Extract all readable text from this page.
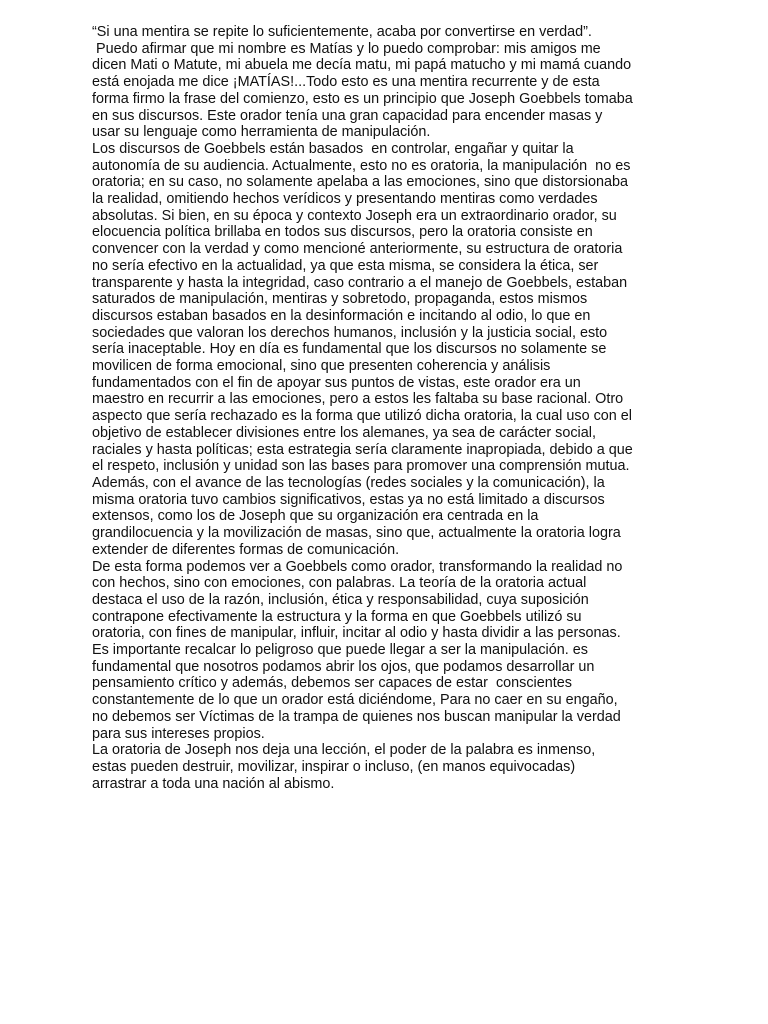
“Si una mentira se repite lo suficientemente, acaba por convertirse en verdad”.
Puedo afirmar que mi nombre es Matías y lo puedo comprobar: mis amigos me
dicen Mati o Matute, mi abuela me decía matu, mi papá matucho y mi mamá cuando
está enojada me dice ¡MATÍAS!...Todo esto es una mentira recurrente y de esta
forma firmo la frase del comienzo, esto es un principio que Joseph Goebbels tomaba
en sus discursos. Este orador tenía una gran capacidad para encender masas y
usar su lenguaje como herramienta de manipulación.
Los discursos de Goebbels están basados  en controlar, engañar y quitar la
autonomía de su audiencia. Actualmente, esto no es oratoria, la manipulación  no es
oratoria; en su caso, no solamente apelaba a las emociones, sino que distorsionaba
la realidad, omitiendo hechos verídicos y presentando mentiras como verdades
absolutas. Si bien, en su época y contexto Joseph era un extraordinario orador, su
elocuencia política brillaba en todos sus discursos, pero la oratoria consiste en
convencer con la verdad y como mencioné anteriormente, su estructura de oratoria
no sería efectivo en la actualidad, ya que esta misma, se considera la ética, ser
transparente y hasta la integridad, caso contrario a el manejo de Goebbels, estaban
saturados de manipulación, mentiras y sobretodo, propaganda, estos mismos
discursos estaban basados en la desinformación e incitando al odio, lo que en
sociedades que valoran los derechos humanos, inclusión y la justicia social, esto
sería inaceptable. Hoy en día es fundamental que los discursos no solamente se
movilicen de forma emocional, sino que presenten coherencia y análisis
fundamentados con el fin de apoyar sus puntos de vistas, este orador era un
maestro en recurrir a las emociones, pero a estos les faltaba su base racional. Otro
aspecto que sería rechazado es la forma que utilizó dicha oratoria, la cual uso con el
objetivo de establecer divisiones entre los alemanes, ya sea de carácter social,
raciales y hasta políticas; esta estrategia sería claramente inapropiada, debido a que
el respeto, inclusión y unidad son las bases para promover una comprensión mutua.
Además, con el avance de las tecnologías (redes sociales y la comunicación), la
misma oratoria tuvo cambios significativos, estas ya no está limitado a discursos
extensos, como los de Joseph que su organización era centrada en la
grandilocuencia y la movilización de masas, sino que, actualmente la oratoria logra
extender de diferentes formas de comunicación.
De esta forma podemos ver a Goebbels como orador, transformando la realidad no
con hechos, sino con emociones, con palabras. La teoría de la oratoria actual
destaca el uso de la razón, inclusión, ética y responsabilidad, cuya suposición
contrapone efectivamente la estructura y la forma en que Goebbels utilizó su
oratoria, con fines de manipular, influir, incitar al odio y hasta dividir a las personas.
Es importante recalcar lo peligroso que puede llegar a ser la manipulación. es
fundamental que nosotros podamos abrir los ojos, que podamos desarrollar un
pensamiento crítico y además, debemos ser capaces de estar  conscientes
constantemente de lo que un orador está diciéndome, Para no caer en su engaño,
no debemos ser Víctimas de la trampa de quienes nos buscan manipular la verdad
para sus intereses propios.
La oratoria de Joseph nos deja una lección, el poder de la palabra es inmenso,
estas pueden destruir, movilizar, inspirar o incluso, (en manos equivocadas)
arrastrar a toda una nación al abismo.
